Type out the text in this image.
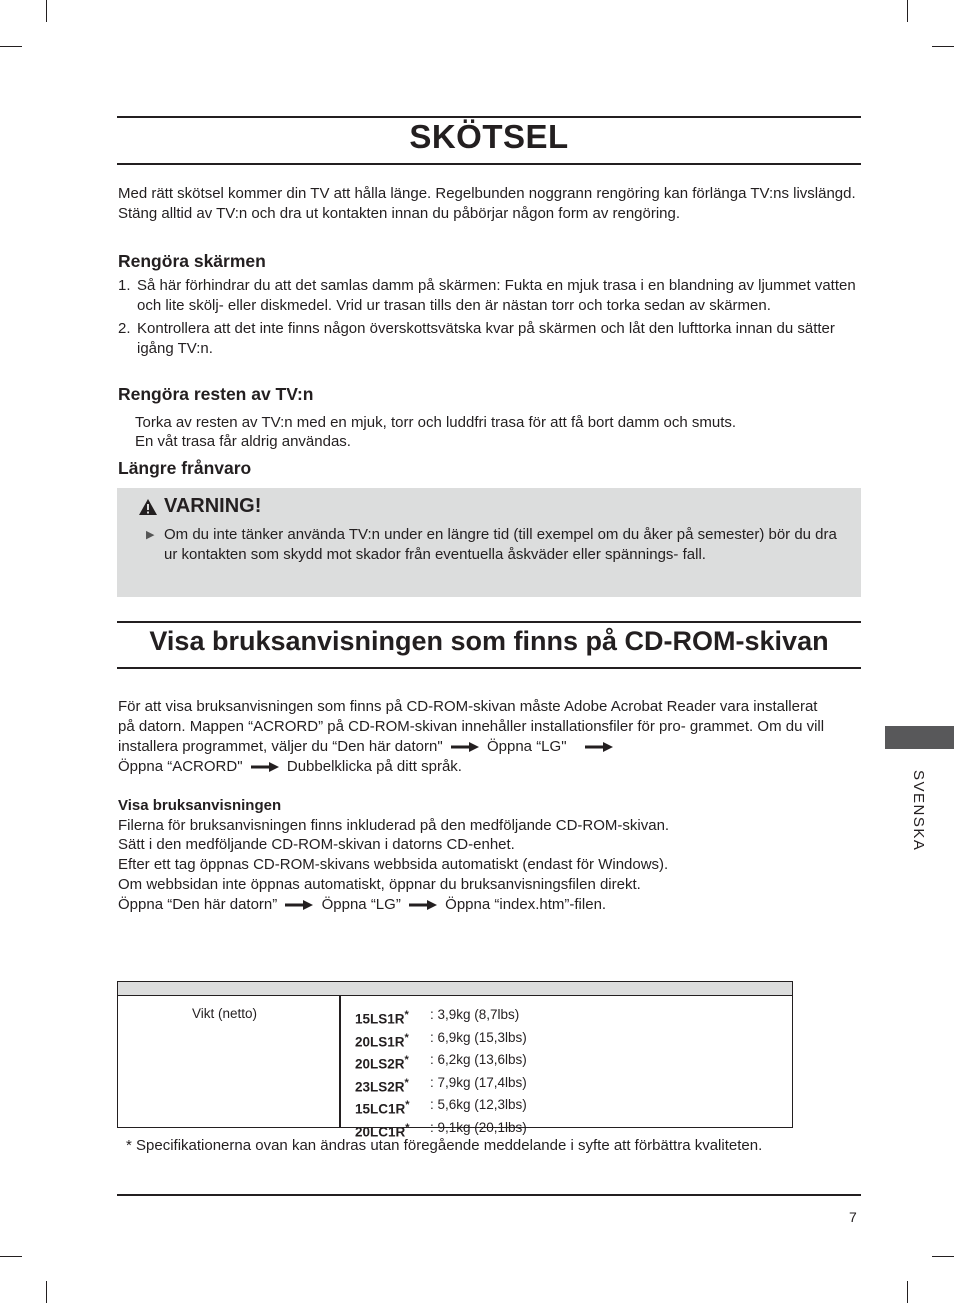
SKÖTSEL

Med rätt skötsel kommer din TV att hålla länge. Regelbunden noggrann rengöring kan förlänga TV:ns livslängd. Stäng alltid av TV:n och dra ut kontakten innan du påbörjar någon form av rengöring.

Rengöra skärmen
1. Så här förhindrar du att det samlas damm på skärmen: Fukta en mjuk trasa i en blandning av ljummet vatten och lite skölj- eller diskmedel. Vrid ur trasan tills den är nästan torr och torka sedan av skärmen.
2. Kontrollera att det inte finns någon överskottsvätska kvar på skärmen och låt den lufttorka innan du sätter igång TV:n.
Rengöra resten av TV:n

Torka av resten av TV:n med en mjuk, torr och luddfri trasa för att få bort damm och smuts.

En våt trasa får aldrig användas.

Längre frånvaro
VARNING!
▶ Om du inte tänker använda TV:n under en längre tid (till exempel om du åker på semester) bör du dra ur kontakten som skydd mot skador från eventuella åskväder eller spännings- fall.
Visa bruksanvisningen som finns på CD-ROM-skivan
För att visa bruksanvisningen som finns på CD-ROM-skivan måste Adobe Acrobat Reader vara installerat på datorn. Mappen “ACRORD” på CD-ROM-skivan innehåller installationsfiler för pro- grammet. Om du vill installera programmet, väljer du “Den här datorn"	Öppna “LG"
Öppna “ACRORD"	Dubbelklicka på ditt språk.
Visa bruksanvisningen
Filerna för bruksanvisningen finns inkluderad på den medföljande CD-ROM-skivan.
Sätt i den medföljande CD-ROM-skivan i datorns CD-enhet.
Efter ett tag öppnas CD-ROM-skivans webbsida automatiskt (endast för Windows).
Om webbsidan inte öppnas automatiskt, öppnar du bruksanvisningsfilen direkt.
Öppna “Den här datorn”	Öppna “LG”	Öppna “index.htm”-filen.
SVENSKA
Vikt (netto)	15LS1R*	: 3,9kg (8,7lbs)
20LS1R*	: 6,9kg (15,3lbs)
20LS2R*	: 6,2kg (13,6lbs)
23LS2R*	: 7,9kg (17,4lbs)
15LC1R*	: 5,6kg (12,3lbs)
20LC1R*	: 9,1kg (20,1lbs)
* Specifikationerna ovan kan ändras utan föregående meddelande i syfte att förbättra kvaliteten.
7
